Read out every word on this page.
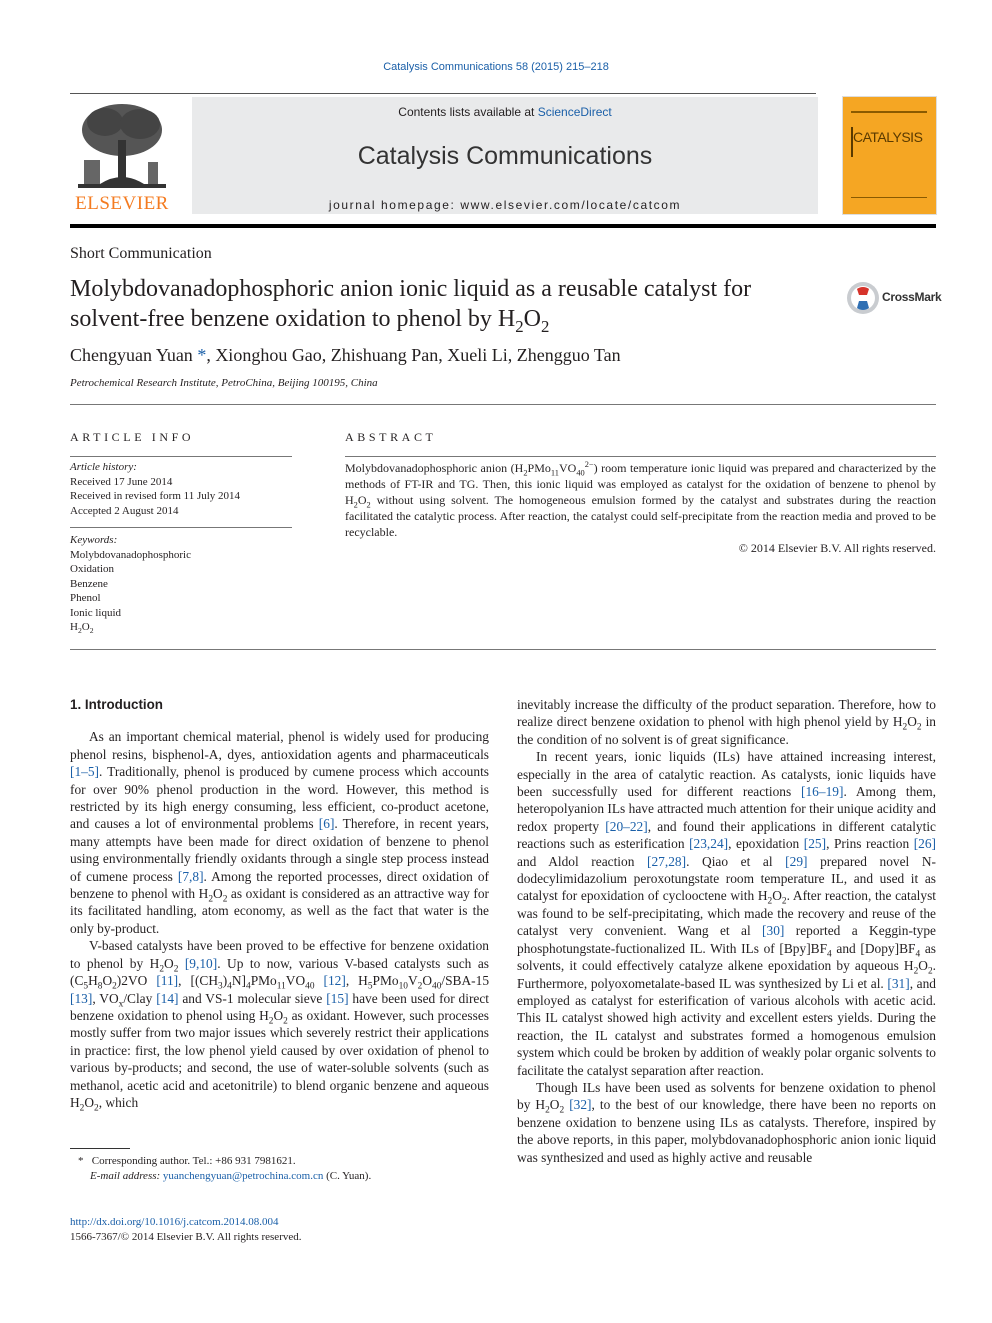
Catalysis Communications 58 (2015) 215–218
ELSEVIER
Contents lists available at ScienceDirect
Catalysis Communications
journal homepage: www.elsevier.com/locate/catcom
CATALYSIS
Short Communication
Molybdovanadophosphoric anion ionic liquid as a reusable catalyst for solvent-free benzene oxidation to phenol by $H_2O_2$
CrossMark
Chengyuan Yuan *, Xionghou Gao, Zhishuang Pan, Xueli Li, Zhengguo Tan
Petrochemical Research Institute, PetroChina, Beijing 100195, China
ARTICLE INFO
Article history:
Received 17 June 2014
Received in revised form 11 July 2014
Accepted 2 August 2014
Keywords:
Molybdovanadophosphoric
Oxidation
Benzene
Phenol
Ionic liquid
$H_2O_2$
ABSTRACT
Molybdovanadophosphoric anion $(H_2PMo_{11}VO_{40}^{2-})$ room temperature ionic liquid was prepared and characterized by the methods of FT-IR and TG. Then, this ionic liquid was employed as catalyst for the oxidation of benzene to phenol by $H_2O_2$ without using solvent. The homogeneous emulsion formed by the catalyst and substrates during the reaction facilitated the catalytic process. After reaction, the catalyst could self-precipitate from the reaction media and proved to be recyclable.
© 2014 Elsevier B.V. All rights reserved.
1. Introduction

As an important chemical material, phenol is widely used for producing phenol resins, bisphenol-A, dyes, antioxidation agents and pharmaceuticals [1–5]. Traditionally, phenol is produced by cumene process which accounts for over 90% phenol production in the word. However, this method is restricted by its high energy consuming, less efficient, co-product acetone, and causes a lot of environmental problems [6]. Therefore, in recent years, many attempts have been made for direct oxidation of benzene to phenol using environmentally friendly oxidants through a single step process instead of cumene process [7,8]. Among the reported processes, direct oxidation of benzene to phenol with $H_2O_2$ as oxidant is considered as an attractive way for its facilitated handling, atom economy, as well as the fact that water is the only by-product.

V-based catalysts have been proved to be effective for benzene oxidation to phenol by $H_2O_2$ [9,10]. Up to now, various V-based catalysts such as $(C_5H_8O_2)2VO$ [11], $[(CH_3)_4N]_4PMo_{11}VO_{40}$ [12], $H_5PMo_{10}V_2O_{40}/SBA-15$ [13], $VO_x$/Clay [14] and VS-1 molecular sieve [15] have been used for direct benzene oxidation to phenol using $H_2O_2$ as oxidant. However, such processes mostly suffer from two major issues which severely restrict their applications in practice: first, the low phenol yield caused by over oxidation of phenol to various by-products; and second, the use of water-soluble solvents (such as methanol, acetic acid and acetonitrile) to blend organic benzene and aqueous $H_2O_2$, which

inevitably increase the difficulty of the product separation. Therefore, how to realize direct benzene oxidation to phenol with high phenol yield by $H_2O_2$ in the condition of no solvent is of great significance.

In recent years, ionic liquids (ILs) have attained increasing interest, especially in the area of catalytic reaction. As catalysts, ionic liquids have been successfully used for different reactions [16–19]. Among them, heteropolyanion ILs have attracted much attention for their unique acidity and redox property [20–22], and found their applications in different catalytic reactions such as esterification [23,24], epoxidation [25], Prins reaction [26] and Aldol reaction [27,28]. Qiao et al [29] prepared novel N-dodecylimidazolium peroxotungstate room temperature IL, and used it as catalyst for epoxidation of cyclooctene with $H_2O_2$. After reaction, the catalyst was found to be self-precipitating, which made the recovery and reuse of the catalyst very convenient. Wang et al [30] reported a Keggin-type phosphotungstate-fuctionalized IL. With ILs of $[Bpy]BF_4$ and $[Dopy]BF_4$ as solvents, it could effectively catalyze alkene epoxidation by aqueous $H_2O_2$. Furthermore, polyoxometalate-based IL was synthesized by Li et al. [31], and employed as catalyst for esterification of various alcohols with acetic acid. This IL catalyst showed high activity and excellent esters yields. During the reaction, the IL catalyst and substrates formed a homogenous emulsion system which could be broken by addition of weakly polar organic solvents to facilitate the catalyst separation after reaction.

Though ILs have been used as solvents for benzene oxidation to phenol by $H_2O_2$ [32], to the best of our knowledge, there have been no reports on benzene oxidation to benzene using ILs as catalysts. Therefore, inspired by the above reports, in this paper, molybdovanadophosphoric anion ionic liquid was synthesized and used as highly active and reusable

* Corresponding author. Tel.: +86 931 7981621.
E-mail address: yuanchengyuan@petrochina.com.cn (C. Yuan).
http://dx.doi.org/10.1016/j.catcom.2014.08.004
1566-7367/© 2014 Elsevier B.V. All rights reserved.
